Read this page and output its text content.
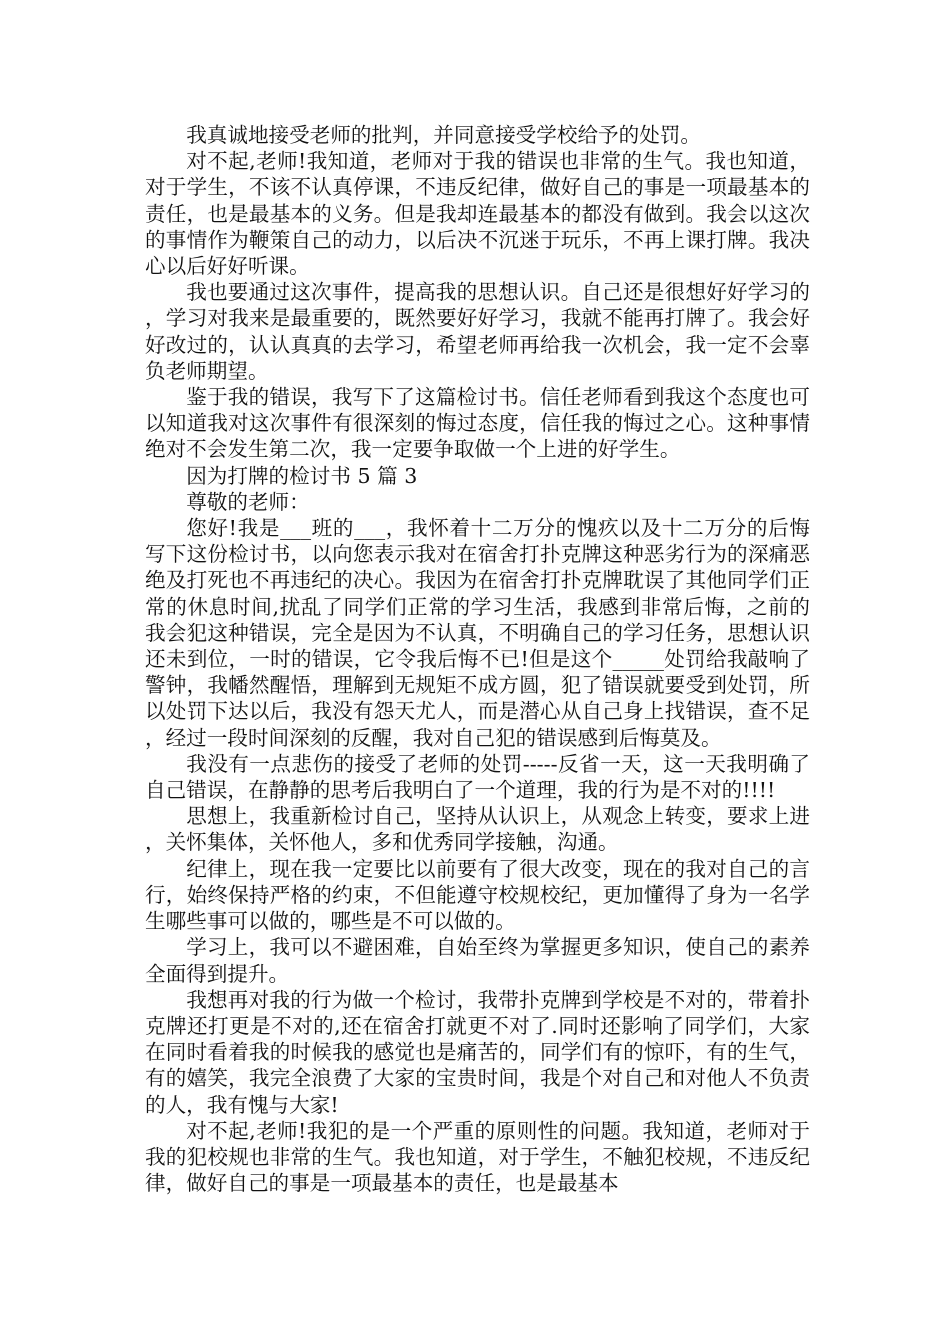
我真诚地接受老师的批判，并同意接受学校给予的处罚。

对不起,老师!我知道，老师对于我的错误也非常的生气。我也知道，对于学生，不该不认真停课，不违反纪律，做好自己的事是一项最基本的责任，也是最基本的义务。但是我却连最基本的都没有做到。我会以这次的事情作为鞭策自己的动力，以后决不沉迷于玩乐，不再上课打牌。我决心以后好好听课。

我也要通过这次事件，提高我的思想认识。自己还是很想好好学习的，学习对我来是最重要的，既然要好好学习，我就不能再打牌了。我会好好改过的，认认真真的去学习，希望老师再给我一次机会，我一定不会辜负老师期望。

鉴于我的错误，我写下了这篇检讨书。信任老师看到我这个态度也可以知道我对这次事件有很深刻的悔过态度，信任我的悔过之心。这种事情绝对不会发生第二次，我一定要争取做一个上进的好学生。

因为打牌的检讨书 5 篇 3

尊敬的老师：

您好!我是___班的___，我怀着十二万分的愧疚以及十二万分的后悔写下这份检讨书，以向您表示我对在宿舍打扑克牌这种恶劣行为的深痛恶绝及打死也不再违纪的决心。我因为在宿舍打扑克牌耽误了其他同学们正常的休息时间,扰乱了同学们正常的学习生活，我感到非常后悔，之前的我会犯这种错误，完全是因为不认真，不明确自己的学习任务，思想认识还未到位，一时的错误，它令我后悔不已!但是这个_____处罚给我敲响了警钟，我幡然醒悟，理解到无规矩不成方圆，犯了错误就要受到处罚，所以处罚下达以后，我没有怨天尤人，而是潜心从自己身上找错误，查不足，经过一段时间深刻的反醒，我对自己犯的错误感到后悔莫及。

我没有一点悲伤的接受了老师的处罚-----反省一天，这一天我明确了自己错误，在静静的思考后我明白了一个道理，我的行为是不对的!!!!

思想上，我重新检讨自己，坚持从认识上，从观念上转变，要求上进，关怀集体，关怀他人，多和优秀同学接触，沟通。

纪律上，现在我一定要比以前要有了很大改变，现在的我对自己的言行，始终保持严格的约束，不但能遵守校规校纪，更加懂得了身为一名学生哪些事可以做的，哪些是不可以做的。

学习上，我可以不避困难，自始至终为掌握更多知识，使自己的素养全面得到提升。

我想再对我的行为做一个检讨，我带扑克牌到学校是不对的，带着扑克牌还打更是不对的,还在宿舍打就更不对了.同时还影响了同学们，大家在同时看着我的时候我的感觉也是痛苦的，同学们有的惊吓，有的生气，有的嬉笑，我完全浪费了大家的宝贵时间，我是个对自己和对他人不负责的人，我有愧与大家!

对不起,老师!我犯的是一个严重的原则性的问题。我知道，老师对于我的犯校规也非常的生气。我也知道，对于学生，不触犯校规，不违反纪律，做好自己的事是一项最基本的责任，也是最基本
